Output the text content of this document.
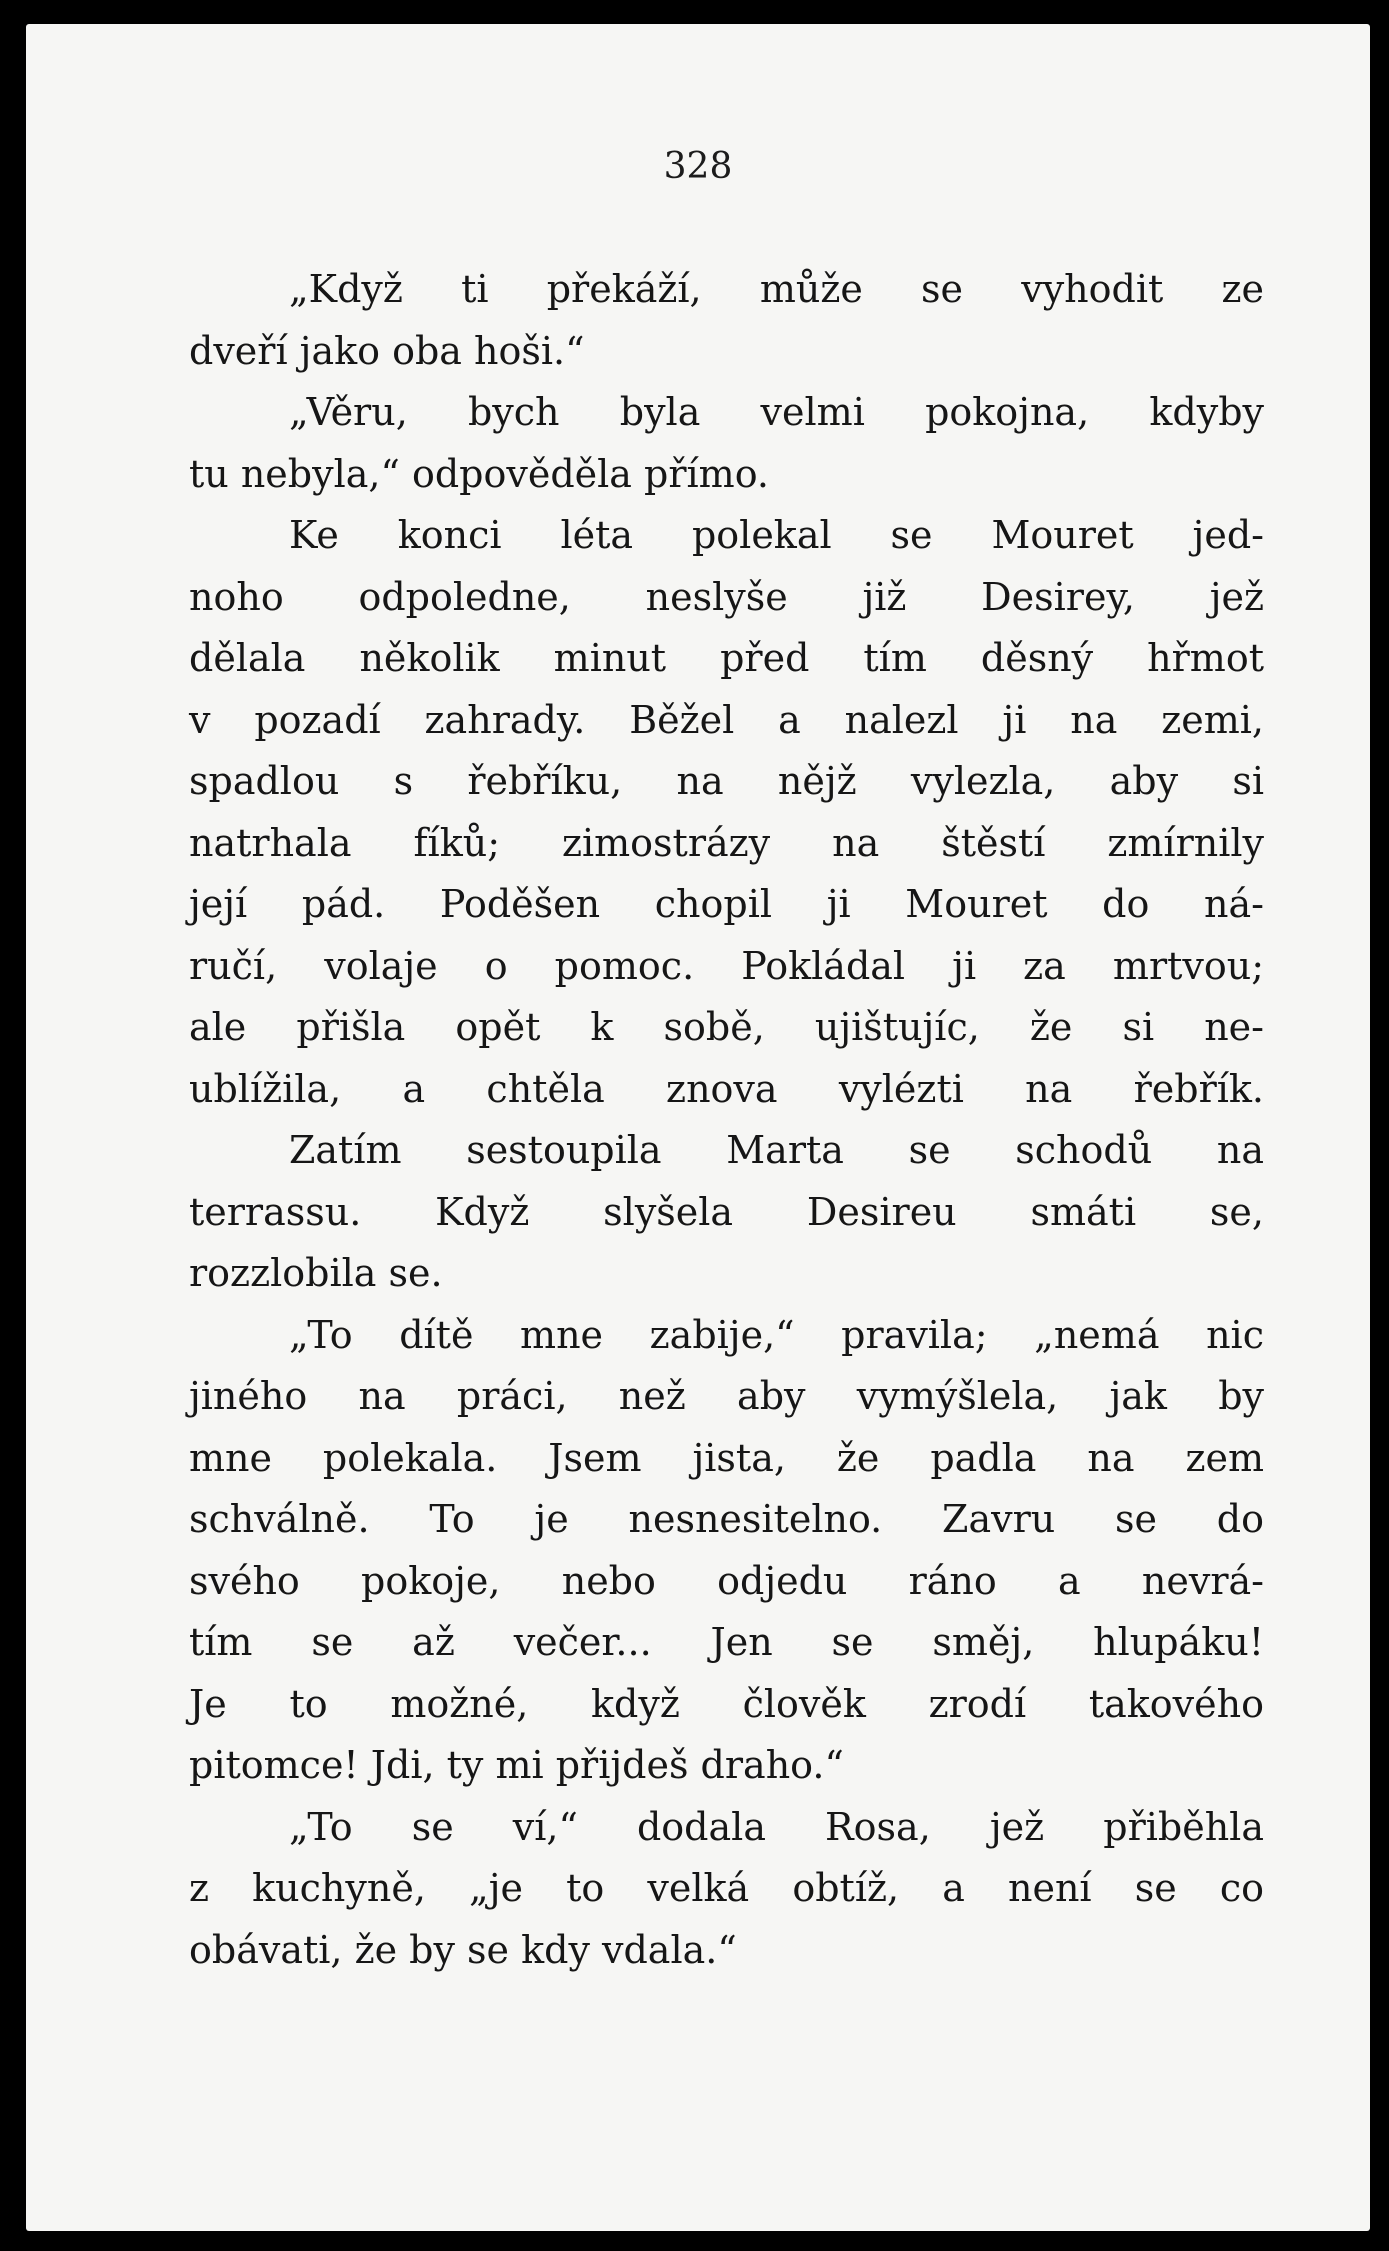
328

„Když ti překáží, může se vyhodit ze
dveří jako oba hoši.“
„Věru, bych byla velmi pokojna, kdyby
tu nebyla,“ odpověděla přímo.
Ke konci léta polekal se Mouret jed-
noho odpoledne, neslyše již Desirey, jež
dělala několik minut před tím děsný hřmot
v pozadí zahrady. Běžel a nalezl ji na zemi,
spadlou s řebříku, na nějž vylezla, aby si
natrhala fíků; zimostrázy na štěstí zmírnily
její pád. Poděšen chopil ji Mouret do ná-
ručí, volaje o pomoc. Pokládal ji za mrtvou;
ale přišla opět k sobě, ujištujíc, že si ne-
ublížila, a chtěla znova vylézti na řebřík.
Zatím sestoupila Marta se schodů na
terrassu. Když slyšela Desireu smáti se,
rozzlobila se.
„To dítě mne zabije,“ pravila; „nemá nic
jiného na práci, než aby vymýšlela, jak by
mne polekala. Jsem jista, že padla na zem
schválně. To je nesnesitelno. Zavru se do
svého pokoje, nebo odjedu ráno a nevrá-
tím se až večer... Jen se směj, hlupáku!
Je to možné, když člověk zrodí takového
pitomce! Jdi, ty mi přijdeš draho.“
„To se ví,“ dodala Rosa, jež přiběhla
z kuchyně, „je to velká obtíž, a není se co
obávati, že by se kdy vdala.“
